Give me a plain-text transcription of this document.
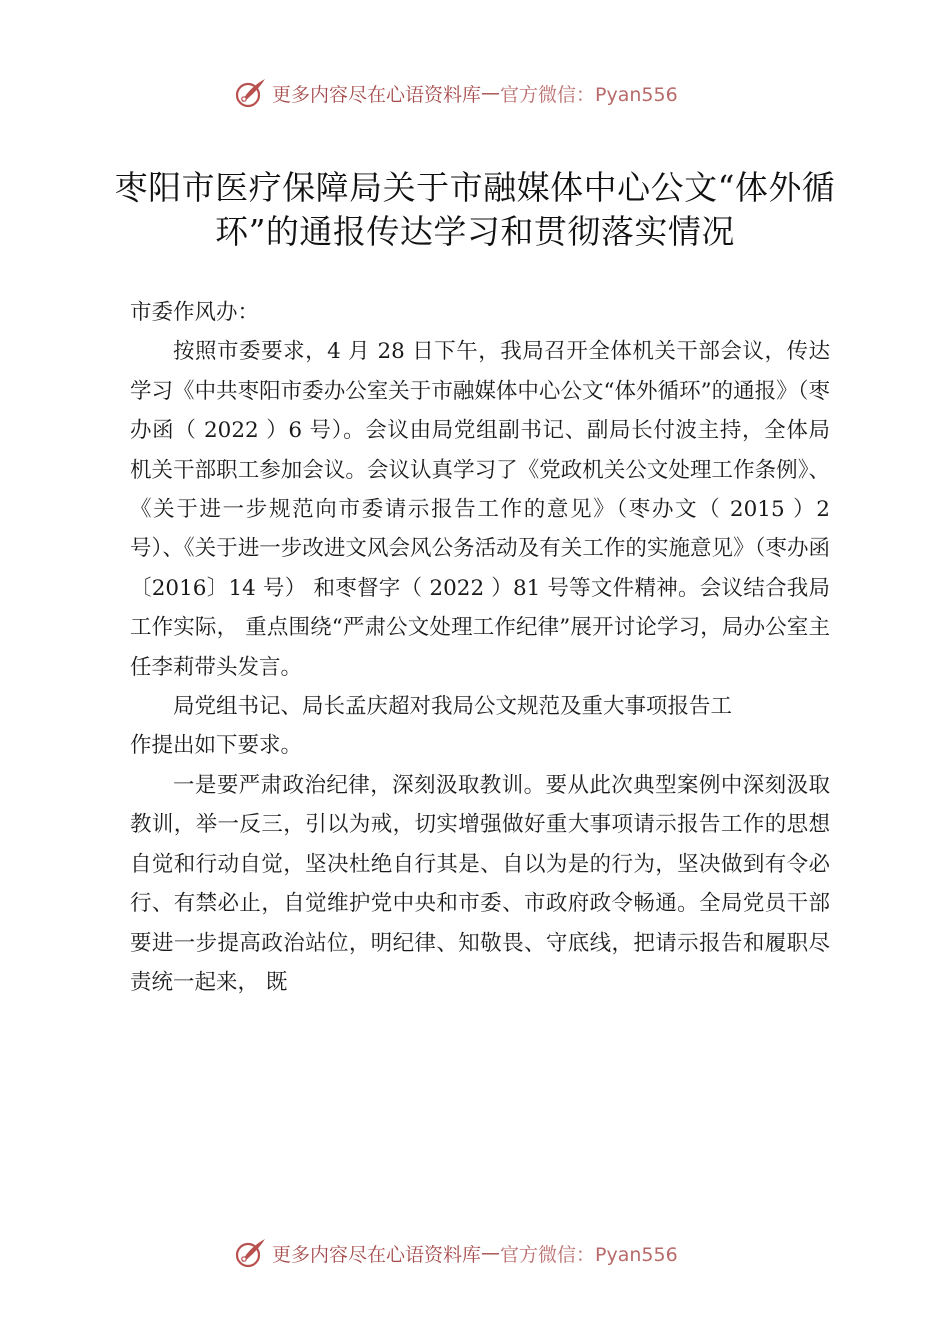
更多内容尽在心语资料库 — 官方微信：Pyan556
枣阳市医疗保障局关于市融媒体中心公文“体外循环”的通报传达学习和贯彻落实情况

市委作风办：

按照市委要求，4 月 28 日下午，我局召开全体机关干部会议，传达学习《中共枣阳市委办公室关于市融媒体中心公文“体外循环”的通报》（枣办函（ 2022 ）6 号）。会议由局党组副书记、副局长付波主持，全体局机关干部职工参加会议。会议认真学习了《党政机关公文处理工作条例》、《关于进一步规范向市委请示报告工作的意见》（枣办文（ 2015 ）2 号）、《关于进一步改进文风会风公务活动及有关工作的实施意见》（枣办函〔2016〕14 号） 和枣督字（ 2022 ）81 号等文件精神。会议结合我局工作实际， 重点围绕“严肃公文处理工作纪律”展开讨论学习，局办公室主任李莉带头发言。

局党组书记、局长孟庆超对我局公文规范及重大事项报告工

作提出如下要求。

一是要严肃政治纪律，深刻汲取教训。要从此次典型案例中深刻汲取教训，举一反三，引以为戒，切实增强做好重大事项请示报告工作的思想自觉和行动自觉，坚决杜绝自行其是、自以为是的行为，坚决做到有令必行、有禁必止，自觉维护党中央和市委、市政府政令畅通。全局党员干部要进一步提高政治站位，明纪律、知敬畏、守底线，把请示报告和履职尽责统一起来， 既

更多内容尽在心语资料库 — 官方微信：Pyan556
